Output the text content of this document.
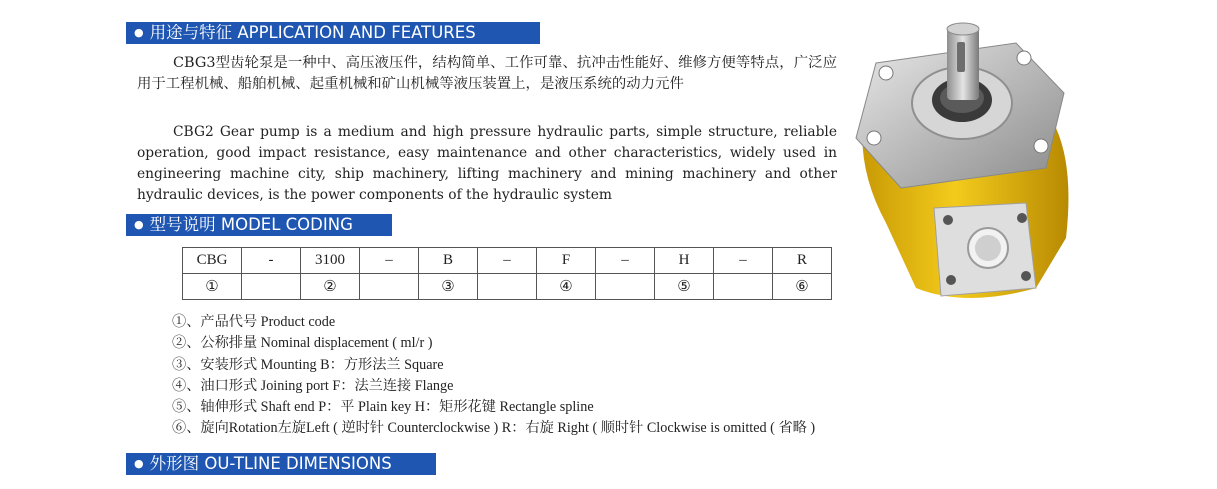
● 用途与特征 APPLICATION AND FEATURES

CBG3型齿轮泵是一种中、高压液压件，结构简单、工作可靠、抗冲击性能好、维修方便等特点，广泛应用于工程机械、船舶机械、起重机械和矿山机械等液压装置上，是液压系统的动力元件

CBG2 Gear pump is a medium and high pressure hydraulic parts, simple structure, reliable operation, good impact resistance, easy maintenance and other characteristics, widely used in engineering machine city, ship machinery, lifting machinery and mining machinery and other hydraulic devices, is the power components of the hydraulic system

● 型号说明 MODEL CODING
CBG	-	3100	–	B	–	F	–	H	–	R
①		②		③		④		⑤		⑥
①、产品代号 Product code
②、公称排量 Nominal displacement ( ml/r )
③、安装形式 Mounting B：方形法兰 Square
④、油口形式 Joining port F：法兰连接 Flange
⑤、轴伸形式 Shaft end P：平 Plain key H：矩形花键 Rectangle spline
⑥、旋向Rotation左旋Left ( 逆时针 Counterclockwise ) R：右旋 Right ( 顺时针 Clockwise is omitted ( 省略 )
● 外形图 OU-TLINE DIMENSIONS
